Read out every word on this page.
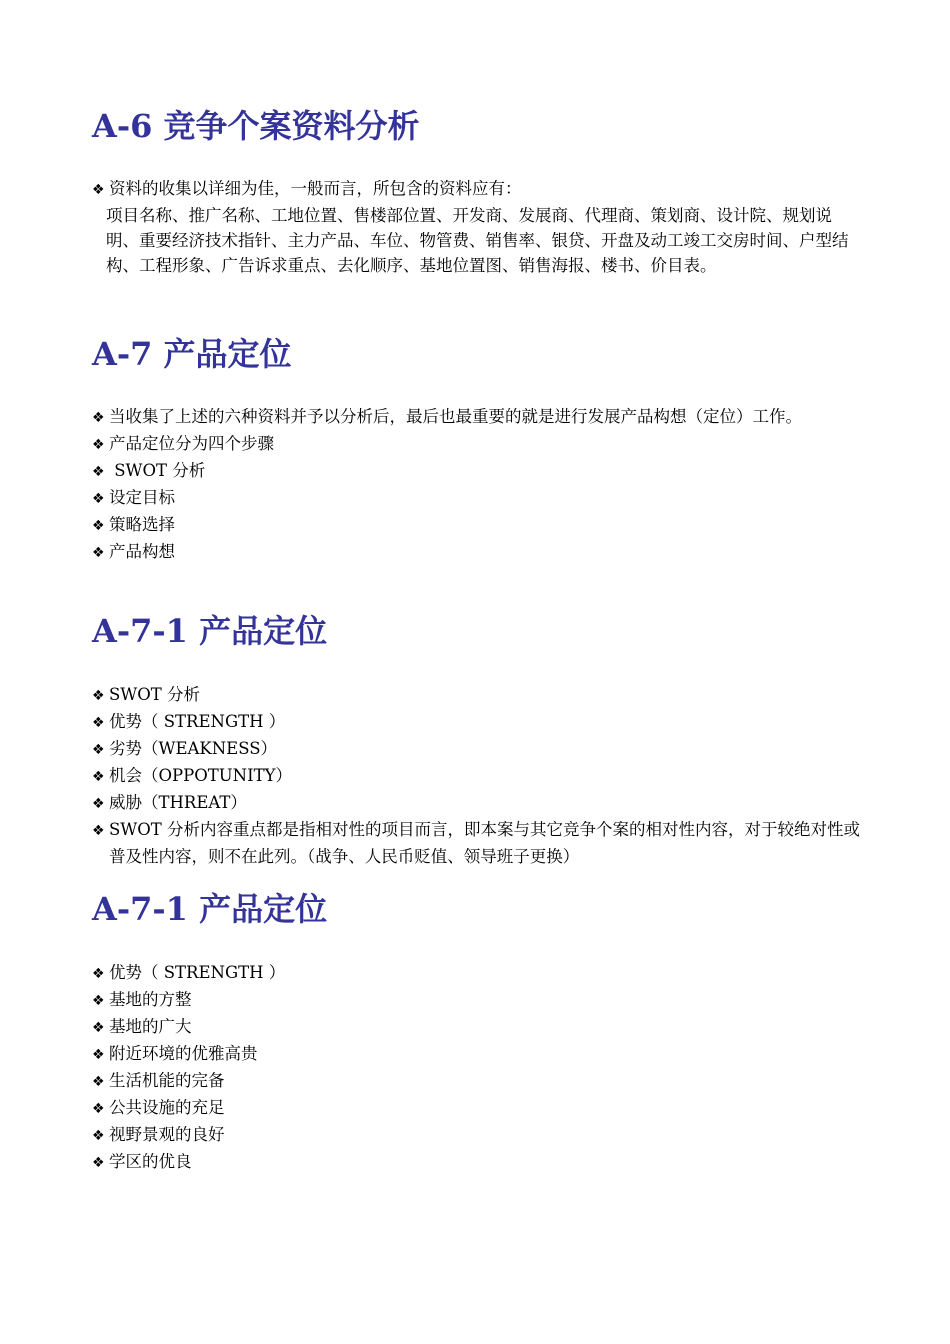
A-6 竞争个案资料分析
❖ 资料的收集以详细为佳，一般而言，所包含的资料应有：
项目名称、推广名称、工地位置、售楼部位置、开发商、发展商、代理商、策划商、设计院、规划说明、重要经济技术指针、主力产品、车位、物管费、销售率、银贷、开盘及动工竣工交房时间、户型结构、工程形象、广告诉求重点、去化顺序、基地位置图、销售海报、楼书、价目表。
A-7 产品定位
❖ 当收集了上述的六种资料并予以分析后，最后也最重要的就是进行发展产品构想（定位）工作。
❖ 产品定位分为四个步骤
❖ SWOT 分析
❖ 设定目标
❖ 策略选择
❖ 产品构想
A-7-1 产品定位
❖ SWOT 分析
❖ 优势（ STRENGTH ）
❖ 劣势（WEAKNESS）
❖ 机会（OPPOTUNITY）
❖ 威胁（THREAT）
❖ SWOT 分析内容重点都是指相对性的项目而言，即本案与其它竞争个案的相对性内容，对于较绝对性或普及性内容，则不在此列。（战争、人民币贬值、领导班子更换）
A-7-1 产品定位
❖ 优势（ STRENGTH ）
❖ 基地的方整
❖ 基地的广大
❖ 附近环境的优雅高贵
❖ 生活机能的完备
❖ 公共设施的充足
❖ 视野景观的良好
❖ 学区的优良
